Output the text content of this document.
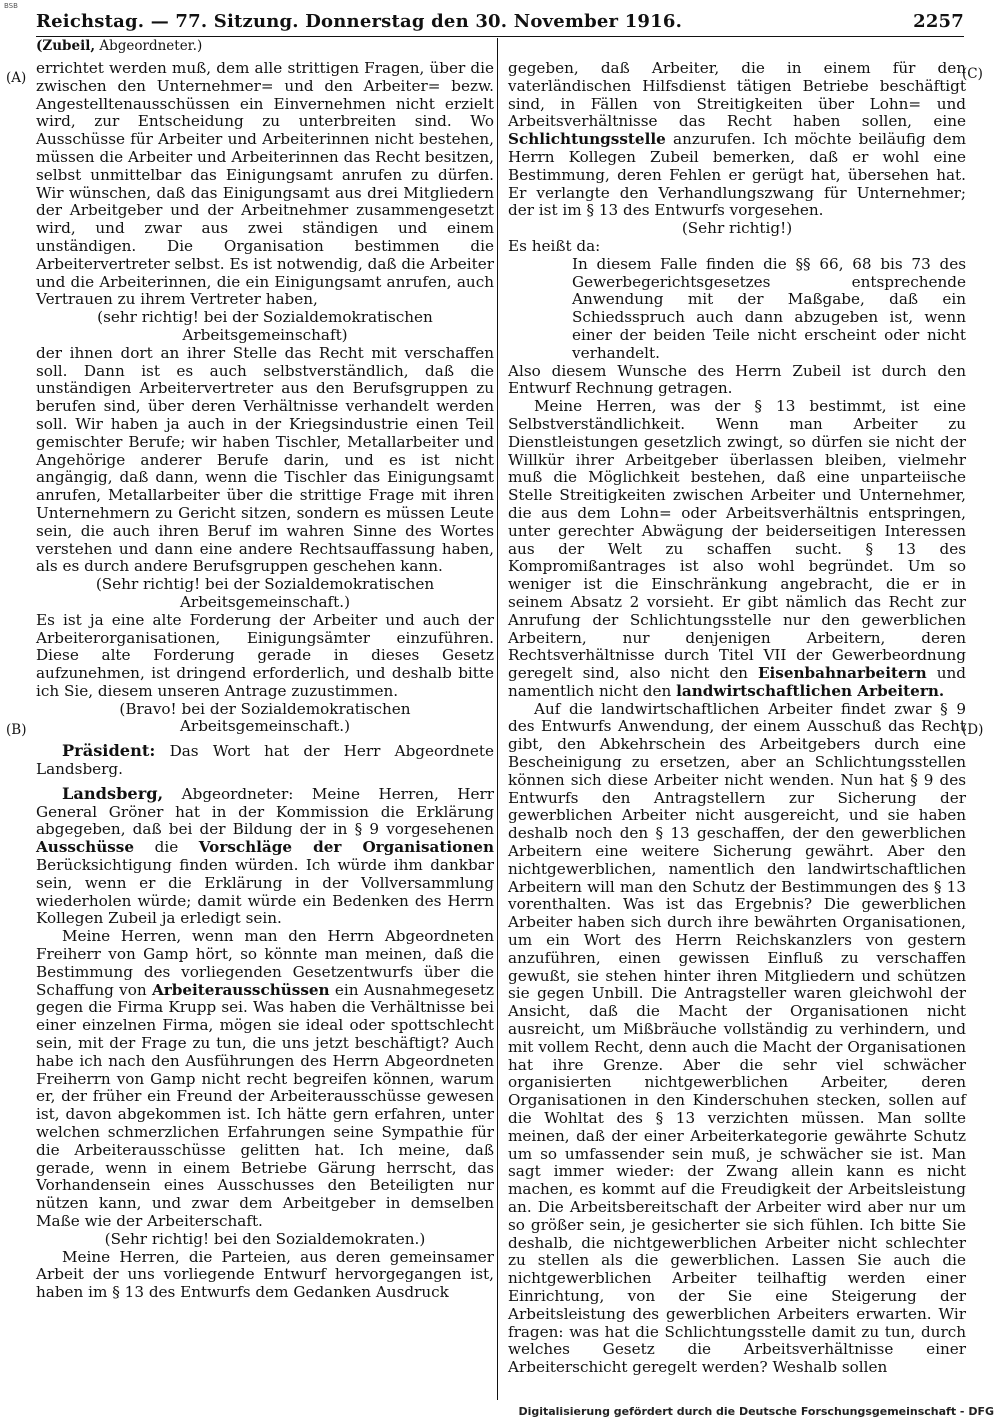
BSB
Reichstag. — 77. Sitzung. Donnerstag den 30. November 1916.	2257
(Zubeil, Abgeordneter.)
(A)
(B)
(C)
(D)

errichtet werden muß, dem alle strittigen Fragen, über die zwischen den Unternehmer= und den Arbeiter= bezw. Angestelltenausschüssen ein Einvernehmen nicht erzielt wird, zur Entscheidung zu unterbreiten sind. Wo Ausschüsse für Arbeiter und Arbeiterinnen nicht bestehen, müssen die Arbeiter und Arbeiterinnen das Recht besitzen, selbst unmittelbar das Einigungsamt anrufen zu dürfen. Wir wünschen, daß das Einigungsamt aus drei Mitgliedern der Arbeitgeber und der Arbeitnehmer zusammengesetzt wird, und zwar aus zwei ständigen und einem unständigen. Die Organisation bestimmen die Arbeitervertreter selbst. Es ist notwendig, daß die Arbeiter und die Arbeiterinnen, die ein Einigungsamt anrufen, auch Vertrauen zu ihrem Vertreter haben,

(sehr richtig! bei der Sozialdemokratischen Arbeitsgemeinschaft)

der ihnen dort an ihrer Stelle das Recht mit verschaffen soll. Dann ist es auch selbstverständlich, daß die unständigen Arbeitervertreter aus den Berufsgruppen zu berufen sind, über deren Verhältnisse verhandelt werden soll. Wir haben ja auch in der Kriegsindustrie einen Teil gemischter Berufe; wir haben Tischler, Metallarbeiter und Angehörige anderer Berufe darin, und es ist nicht angängig, daß dann, wenn die Tischler das Einigungsamt anrufen, Metallarbeiter über die strittige Frage mit ihren Unternehmern zu Gericht sitzen, sondern es müssen Leute sein, die auch ihren Beruf im wahren Sinne des Wortes verstehen und dann eine andere Rechtsauffassung haben, als es durch andere Berufsgruppen geschehen kann.

(Sehr richtig! bei der Sozialdemokratischen Arbeitsgemeinschaft.)

Es ist ja eine alte Forderung der Arbeiter und auch der Arbeiterorganisationen, Einigungsämter einzuführen. Diese alte Forderung gerade in dieses Gesetz aufzunehmen, ist dringend erforderlich, und deshalb bitte ich Sie, diesem unseren Antrage zuzustimmen.

(Bravo! bei der Sozialdemokratischen Arbeitsgemeinschaft.)

Präsident: Das Wort hat der Herr Abgeordnete Landsberg.

Landsberg, Abgeordneter: Meine Herren, Herr General Gröner hat in der Kommission die Erklärung abgegeben, daß bei der Bildung der in § 9 vorgesehenen Ausschüsse die Vorschläge der Organisationen Berücksichtigung finden würden. Ich würde ihm dankbar sein, wenn er die Erklärung in der Vollversammlung wiederholen würde; damit würde ein Bedenken des Herrn Kollegen Zubeil ja erledigt sein.

Meine Herren, wenn man den Herrn Abgeordneten Freiherr von Gamp hört, so könnte man meinen, daß die Bestimmung des vorliegenden Gesetzentwurfs über die Schaffung von Arbeiterausschüssen ein Ausnahmegesetz gegen die Firma Krupp sei. Was haben die Verhältnisse bei einer einzelnen Firma, mögen sie ideal oder spottschlecht sein, mit der Frage zu tun, die uns jetzt beschäftigt? Auch habe ich nach den Ausführungen des Herrn Abgeordneten Freiherrn von Gamp nicht recht begreifen können, warum er, der früher ein Freund der Arbeiterausschüsse gewesen ist, davon abgekommen ist. Ich hätte gern erfahren, unter welchen schmerzlichen Erfahrungen seine Sympathie für die Arbeiterausschüsse gelitten hat. Ich meine, daß gerade, wenn in einem Betriebe Gärung herrscht, das Vorhandensein eines Ausschusses den Beteiligten nur nützen kann, und zwar dem Arbeitgeber in demselben Maße wie der Arbeiterschaft.

(Sehr richtig! bei den Sozialdemokraten.)

Meine Herren, die Parteien, aus deren gemeinsamer Arbeit der uns vorliegende Entwurf hervorgegangen ist, haben im § 13 des Entwurfs dem Gedanken Ausdruck

gegeben, daß Arbeiter, die in einem für den vaterländischen Hilfsdienst tätigen Betriebe beschäftigt sind, in Fällen von Streitigkeiten über Lohn= und Arbeitsverhältnisse das Recht haben sollen, eine Schlichtungsstelle anzurufen. Ich möchte beiläufig dem Herrn Kollegen Zubeil bemerken, daß er wohl eine Bestimmung, deren Fehlen er gerügt hat, übersehen hat. Er verlangte den Verhandlungszwang für Unternehmer; der ist im § 13 des Entwurfs vorgesehen.

(Sehr richtig!)

Es heißt da:

In diesem Falle finden die §§ 66, 68 bis 73 des Gewerbegerichtsgesetzes entsprechende Anwendung mit der Maßgabe, daß ein Schiedsspruch auch dann abzugeben ist, wenn einer der beiden Teile nicht erscheint oder nicht verhandelt.

Also diesem Wunsche des Herrn Zubeil ist durch den Entwurf Rechnung getragen.

Meine Herren, was der § 13 bestimmt, ist eine Selbstverständlichkeit. Wenn man Arbeiter zu Dienstleistungen gesetzlich zwingt, so dürfen sie nicht der Willkür ihrer Arbeitgeber überlassen bleiben, vielmehr muß die Möglichkeit bestehen, daß eine unparteiische Stelle Streitigkeiten zwischen Arbeiter und Unternehmer, die aus dem Lohn= oder Arbeitsverhältnis entspringen, unter gerechter Abwägung der beiderseitigen Interessen aus der Welt zu schaffen sucht. § 13 des Kompromißantrages ist also wohl begründet. Um so weniger ist die Einschränkung angebracht, die er in seinem Absatz 2 vorsieht. Er gibt nämlich das Recht zur Anrufung der Schlichtungsstelle nur den gewerblichen Arbeitern, nur denjenigen Arbeitern, deren Rechtsverhältnisse durch Titel VII der Gewerbeordnung geregelt sind, also nicht den Eisenbahnarbeitern und namentlich nicht den landwirtschaftlichen Arbeitern.

Auf die landwirtschaftlichen Arbeiter findet zwar § 9 des Entwurfs Anwendung, der einem Ausschuß das Recht gibt, den Abkehrschein des Arbeitgebers durch eine Bescheinigung zu ersetzen, aber an Schlichtungsstellen können sich diese Arbeiter nicht wenden. Nun hat § 9 des Entwurfs den Antragstellern zur Sicherung der gewerblichen Arbeiter nicht ausgereicht, und sie haben deshalb noch den § 13 geschaffen, der den gewerblichen Arbeitern eine weitere Sicherung gewährt. Aber den nichtgewerblichen, namentlich den landwirtschaftlichen Arbeitern will man den Schutz der Bestimmungen des § 13 vorenthalten. Was ist das Ergebnis? Die gewerblichen Arbeiter haben sich durch ihre bewährten Organisationen, um ein Wort des Herrn Reichskanzlers von gestern anzuführen, einen gewissen Einfluß zu verschaffen gewußt, sie stehen hinter ihren Mitgliedern und schützen sie gegen Unbill. Die Antragsteller waren gleichwohl der Ansicht, daß die Macht der Organisationen nicht ausreicht, um Mißbräuche vollständig zu verhindern, und mit vollem Recht, denn auch die Macht der Organisationen hat ihre Grenze. Aber die sehr viel schwächer organisierten nichtgewerblichen Arbeiter, deren Organisationen in den Kinderschuhen stecken, sollen auf die Wohltat des § 13 verzichten müssen. Man sollte meinen, daß der einer Arbeiterkategorie gewährte Schutz um so umfassender sein muß, je schwächer sie ist. Man sagt immer wieder: der Zwang allein kann es nicht machen, es kommt auf die Freudigkeit der Arbeitsleistung an. Die Arbeitsbereitschaft der Arbeiter wird aber nur um so größer sein, je gesicherter sie sich fühlen. Ich bitte Sie deshalb, die nichtgewerblichen Arbeiter nicht schlechter zu stellen als die gewerblichen. Lassen Sie auch die nichtgewerblichen Arbeiter teilhaftig werden einer Einrichtung, von der Sie eine Steigerung der Arbeitsleistung des gewerblichen Arbeiters erwarten. Wir fragen: was hat die Schlichtungsstelle damit zu tun, durch welches Gesetz die Arbeitsverhältnisse einer Arbeiterschicht geregelt werden? Weshalb sollen

Digitalisierung gefördert durch die Deutsche Forschungsgemeinschaft - DFG
